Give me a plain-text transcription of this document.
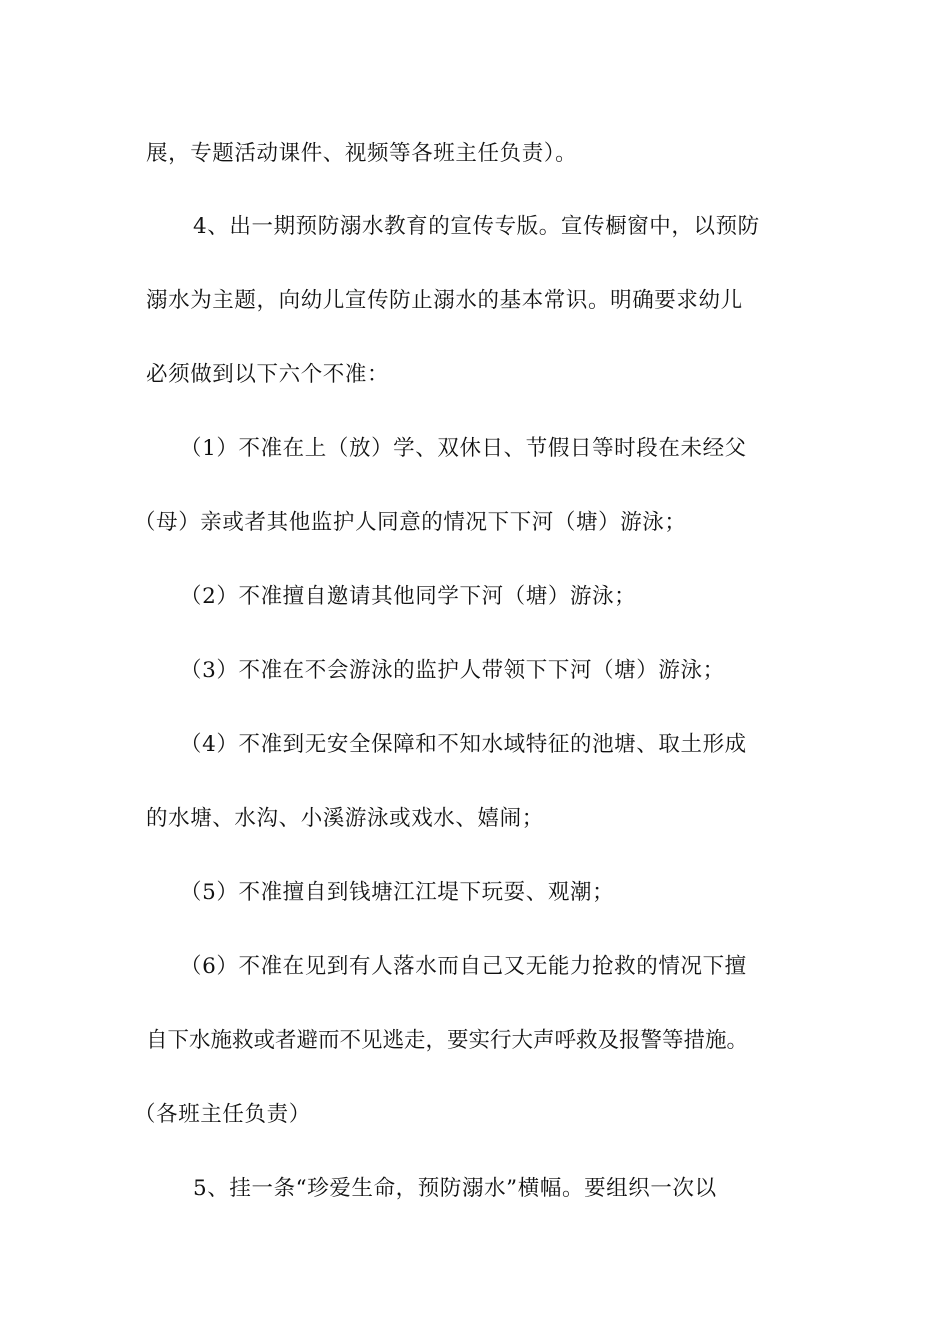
展，专题活动课件、视频等各班主任负责）。
4、出一期预防溺水教育的宣传专版。宣传橱窗中，以预防
溺水为主题，向幼儿宣传防止溺水的基本常识。明确要求幼儿
必须做到以下六个不准：
（1）不准在上（放）学、双休日、节假日等时段在未经父
（母）亲或者其他监护人同意的情况下下河（塘）游泳；
（2）不准擅自邀请其他同学下河（塘）游泳；
（3）不准在不会游泳的监护人带领下下河（塘）游泳；
（4）不准到无安全保障和不知水域特征的池塘、取土形成
的水塘、水沟、小溪游泳或戏水、嬉闹；
（5）不准擅自到钱塘江江堤下玩耍、观潮；
（6）不准在见到有人落水而自己又无能力抢救的情况下擅
自下水施救或者避而不见逃走，要实行大声呼救及报警等措施。
（各班主任负责）
5、挂一条“珍爱生命，预防溺水”横幅。要组织一次以
